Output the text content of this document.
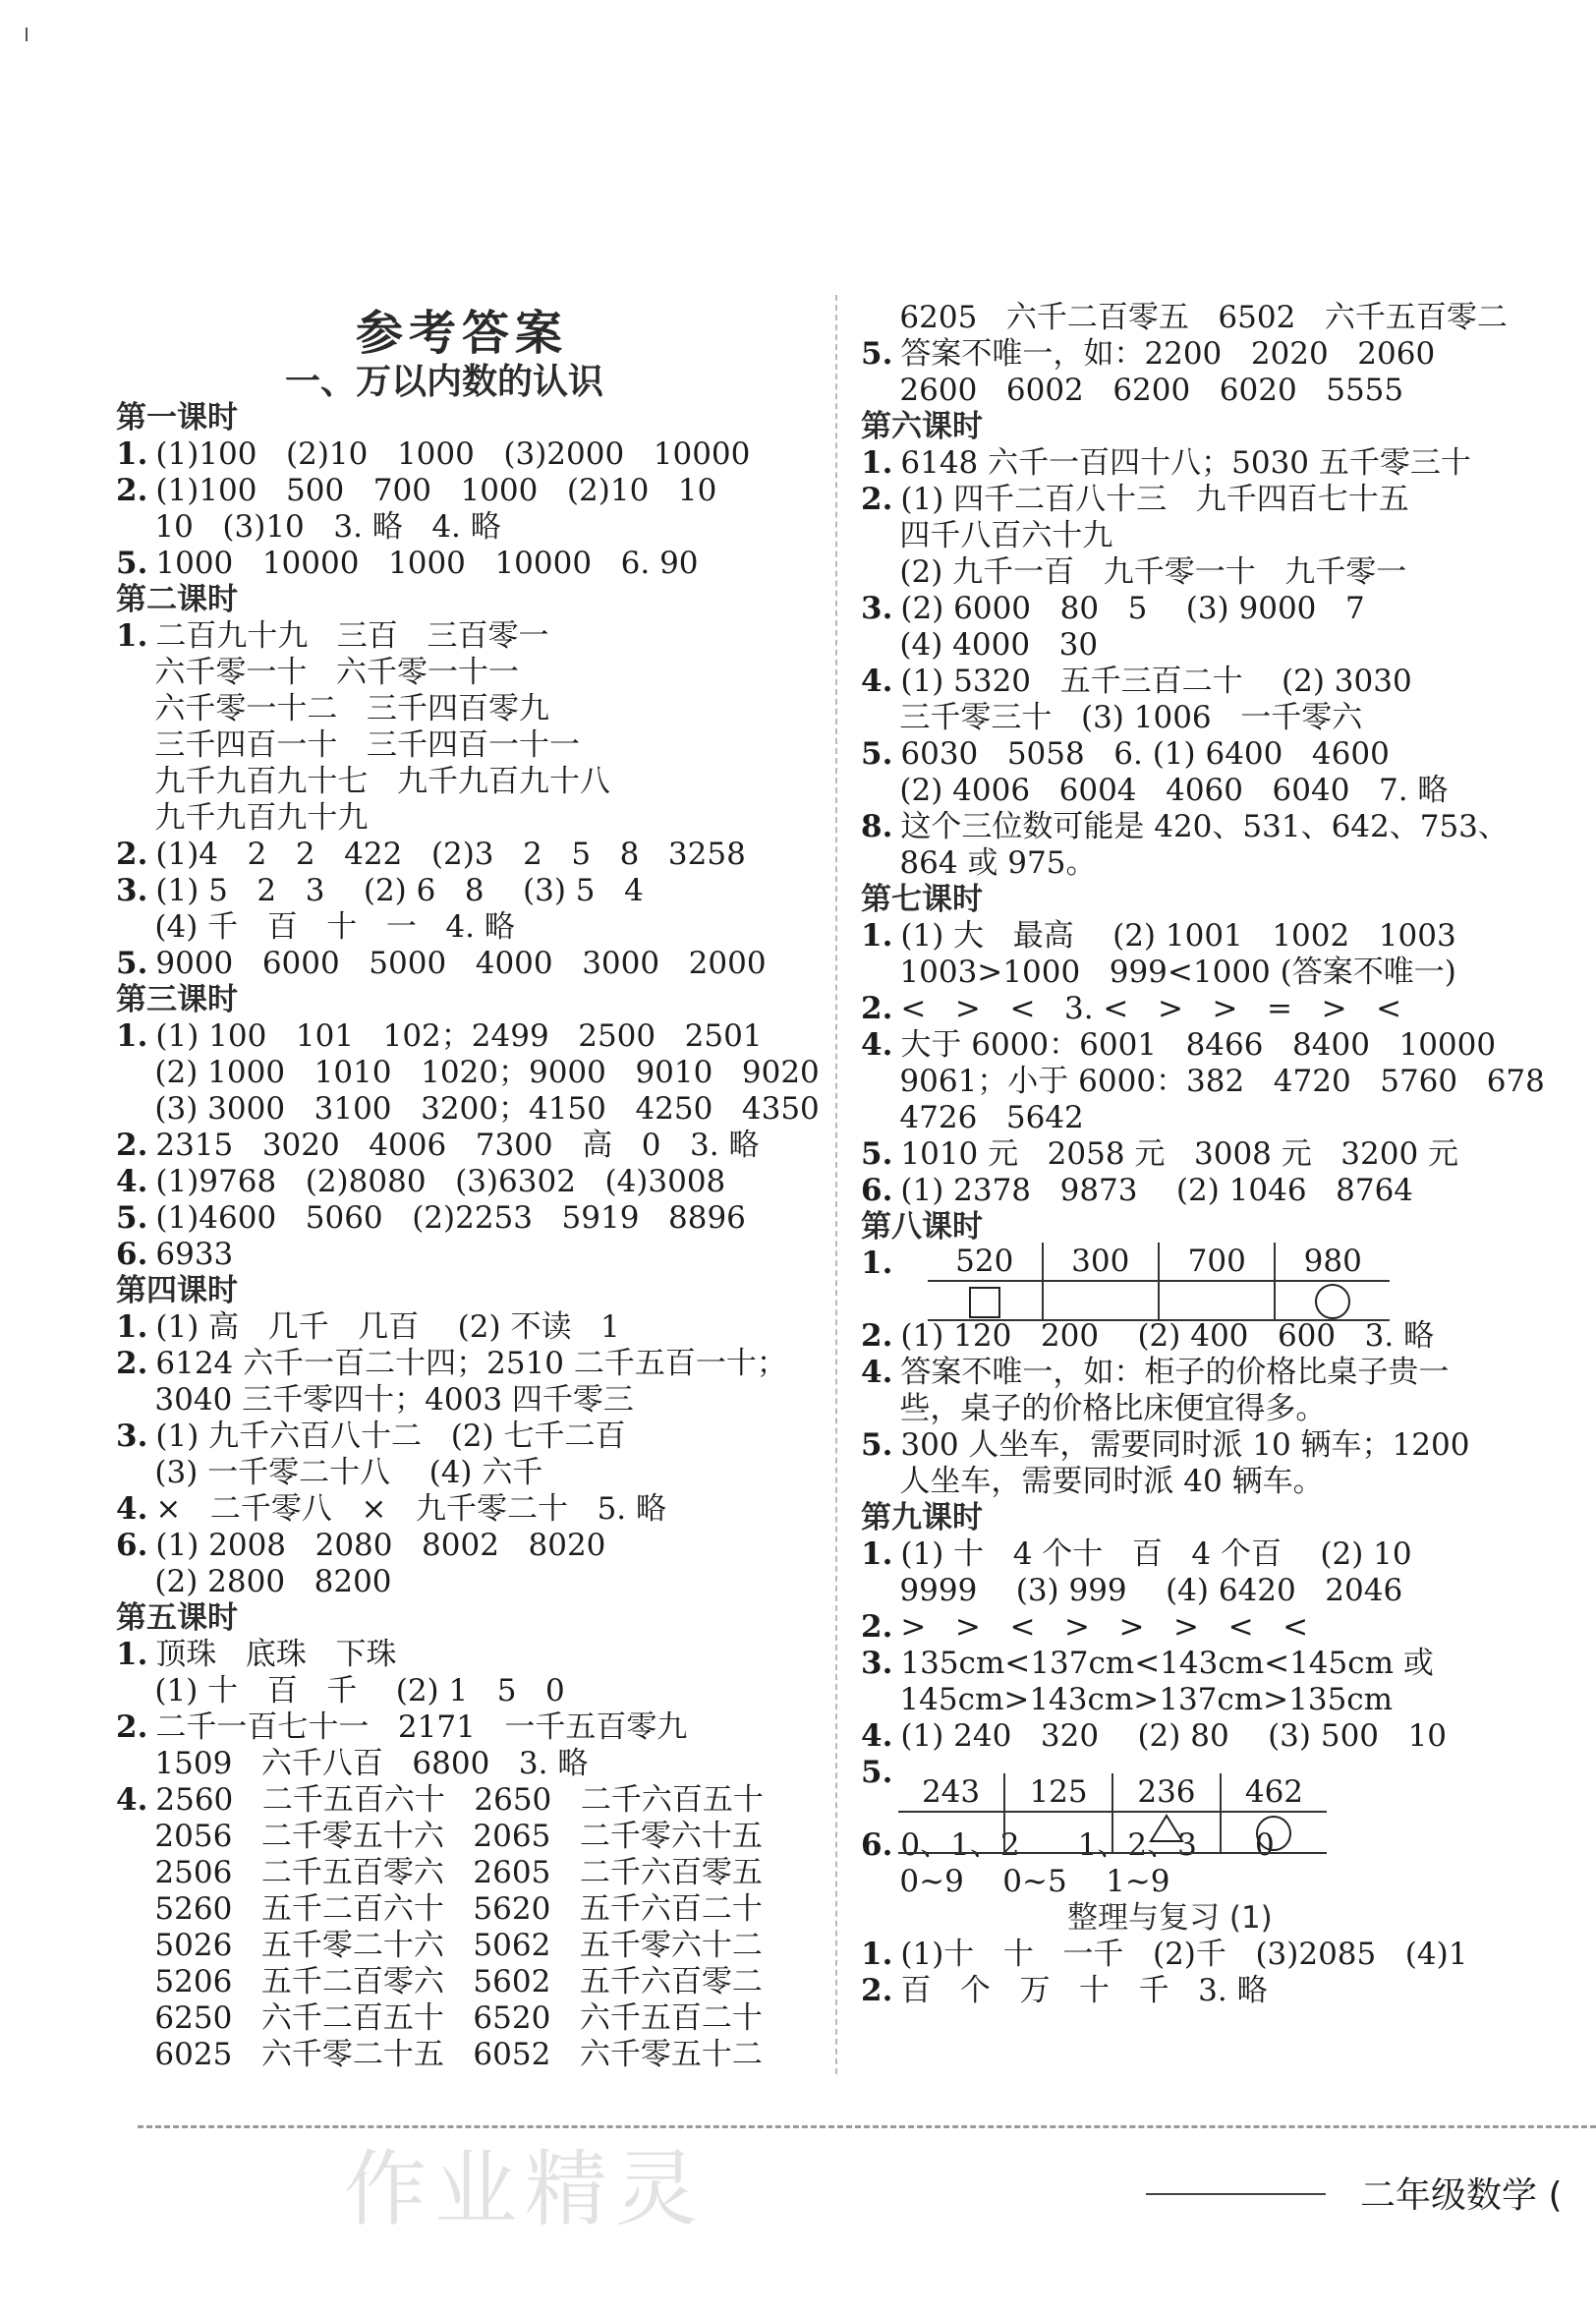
参考答案
一、万以内数的认识
第一课时
1. (1)100   (2)10   1000   (3)2000   10000
2. (1)100   500   700   1000   (2)10   10
10   (3)10   3. 略   4. 略
5. 1000   10000   1000   10000   6. 90
第二课时
1. 二百九十九   三百   三百零一
六千零一十   六千零一十一
六千零一十二   三千四百零九
三千四百一十   三千四百一十一
九千九百九十七   九千九百九十八
九千九百九十九
2. (1)4   2   2   422   (2)3   2   5   8   3258
3. (1) 5   2   3    (2) 6   8    (3) 5   4
(4) 千   百   十   一   4. 略
5. 9000   6000   5000   4000   3000   2000
第三课时
1. (1) 100   101   102；2499   2500   2501
(2) 1000   1010   1020；9000   9010   9020
(3) 3000   3100   3200；4150   4250   4350
2. 2315   3020   4006   7300   高   0   3. 略
4. (1)9768   (2)8080   (3)6302   (4)3008
5. (1)4600   5060   (2)2253   5919   8896
6. 6933
第四课时
1. (1) 高   几千   几百    (2) 不读   1
2. 6124 六千一百二十四；2510 二千五百一十；
3040 三千零四十；4003 四千零三
3. (1) 九千六百八十二   (2) 七千二百
(3) 一千零二十八    (4) 六千
4. ×   二千零八   ×   九千零二十   5. 略
6. (1) 2008   2080   8002   8020
(2) 2800   8200
第五课时
1. 顶珠   底珠   下珠
(1) 十   百   千    (2) 1   5   0
2. 二千一百七十一   2171   一千五百零九
1509   六千八百   6800   3. 略
4. 2560   二千五百六十   2650   二千六百五十
2056   二千零五十六   2065   二千零六十五
2506   二千五百零六   2605   二千六百零五
5260   五千二百六十   5620   五千六百二十
5026   五千零二十六   5062   五千零六十二
5206   五千二百零六   5602   五千六百零二
6250   六千二百五十   6520   六千五百二十
6025   六千零二十五   6052   六千零五十二
6205   六千二百零五   6502   六千五百零二
5. 答案不唯一，如：2200   2020   2060
2600   6002   6200   6020   5555
第六课时
1. 6148 六千一百四十八；5030 五千零三十
2. (1) 四千二百八十三   九千四百七十五
四千八百六十九
(2) 九千一百   九千零一十   九千零一
3. (2) 6000   80   5    (3) 9000   7
(4) 4000   30
4. (1) 5320   五千三百二十    (2) 3030
三千零三十   (3) 1006   一千零六
5. 6030   5058   6. (1) 6400   4600
(2) 4006   6004   4060   6040   7. 略
8. 这个三位数可能是 420、531、642、753、
864 或 975。
第七课时
1. (1) 大   最高    (2) 1001   1002   1003
1003>1000   999<1000 (答案不唯一)
2. <   >   <   3. <   >   >   =   >   <
4. 大于 6000：6001   8466   8400   10000
9061；小于 6000：382   4720   5760   678
4726   5642
5. 1010 元   2058 元   3008 元   3200 元
6. (1) 2378   9873    (2) 1046   8764
第八课时
1.
2. (1) 120   200    (2) 400   600   3. 略
4. 答案不唯一，如：柜子的价格比桌子贵一
些，桌子的价格比床便宜得多。
5. 300 人坐车，需要同时派 10 辆车；1200
人坐车，需要同时派 40 辆车。
第九课时
1. (1) 十   4 个十   百   4 个百    (2) 10
9999    (3) 999    (4) 6420   2046
2. >   >   <   >   >   >   <   <
3. 135cm<137cm<143cm<145cm 或
145cm>143cm>137cm>135cm
4. (1) 240   320    (2) 80    (3) 500   10
5.
6. 0、1、2      1、2、3      0
0~9    0~5    1~9
整理与复习 (1)
1. (1)十   十   一千   (2)千   (3)2085   (4)1
2. 百   个   万   十   千   3. 略
520	300	700	980

243	125	236	462

作业精灵	二年级数学 (
